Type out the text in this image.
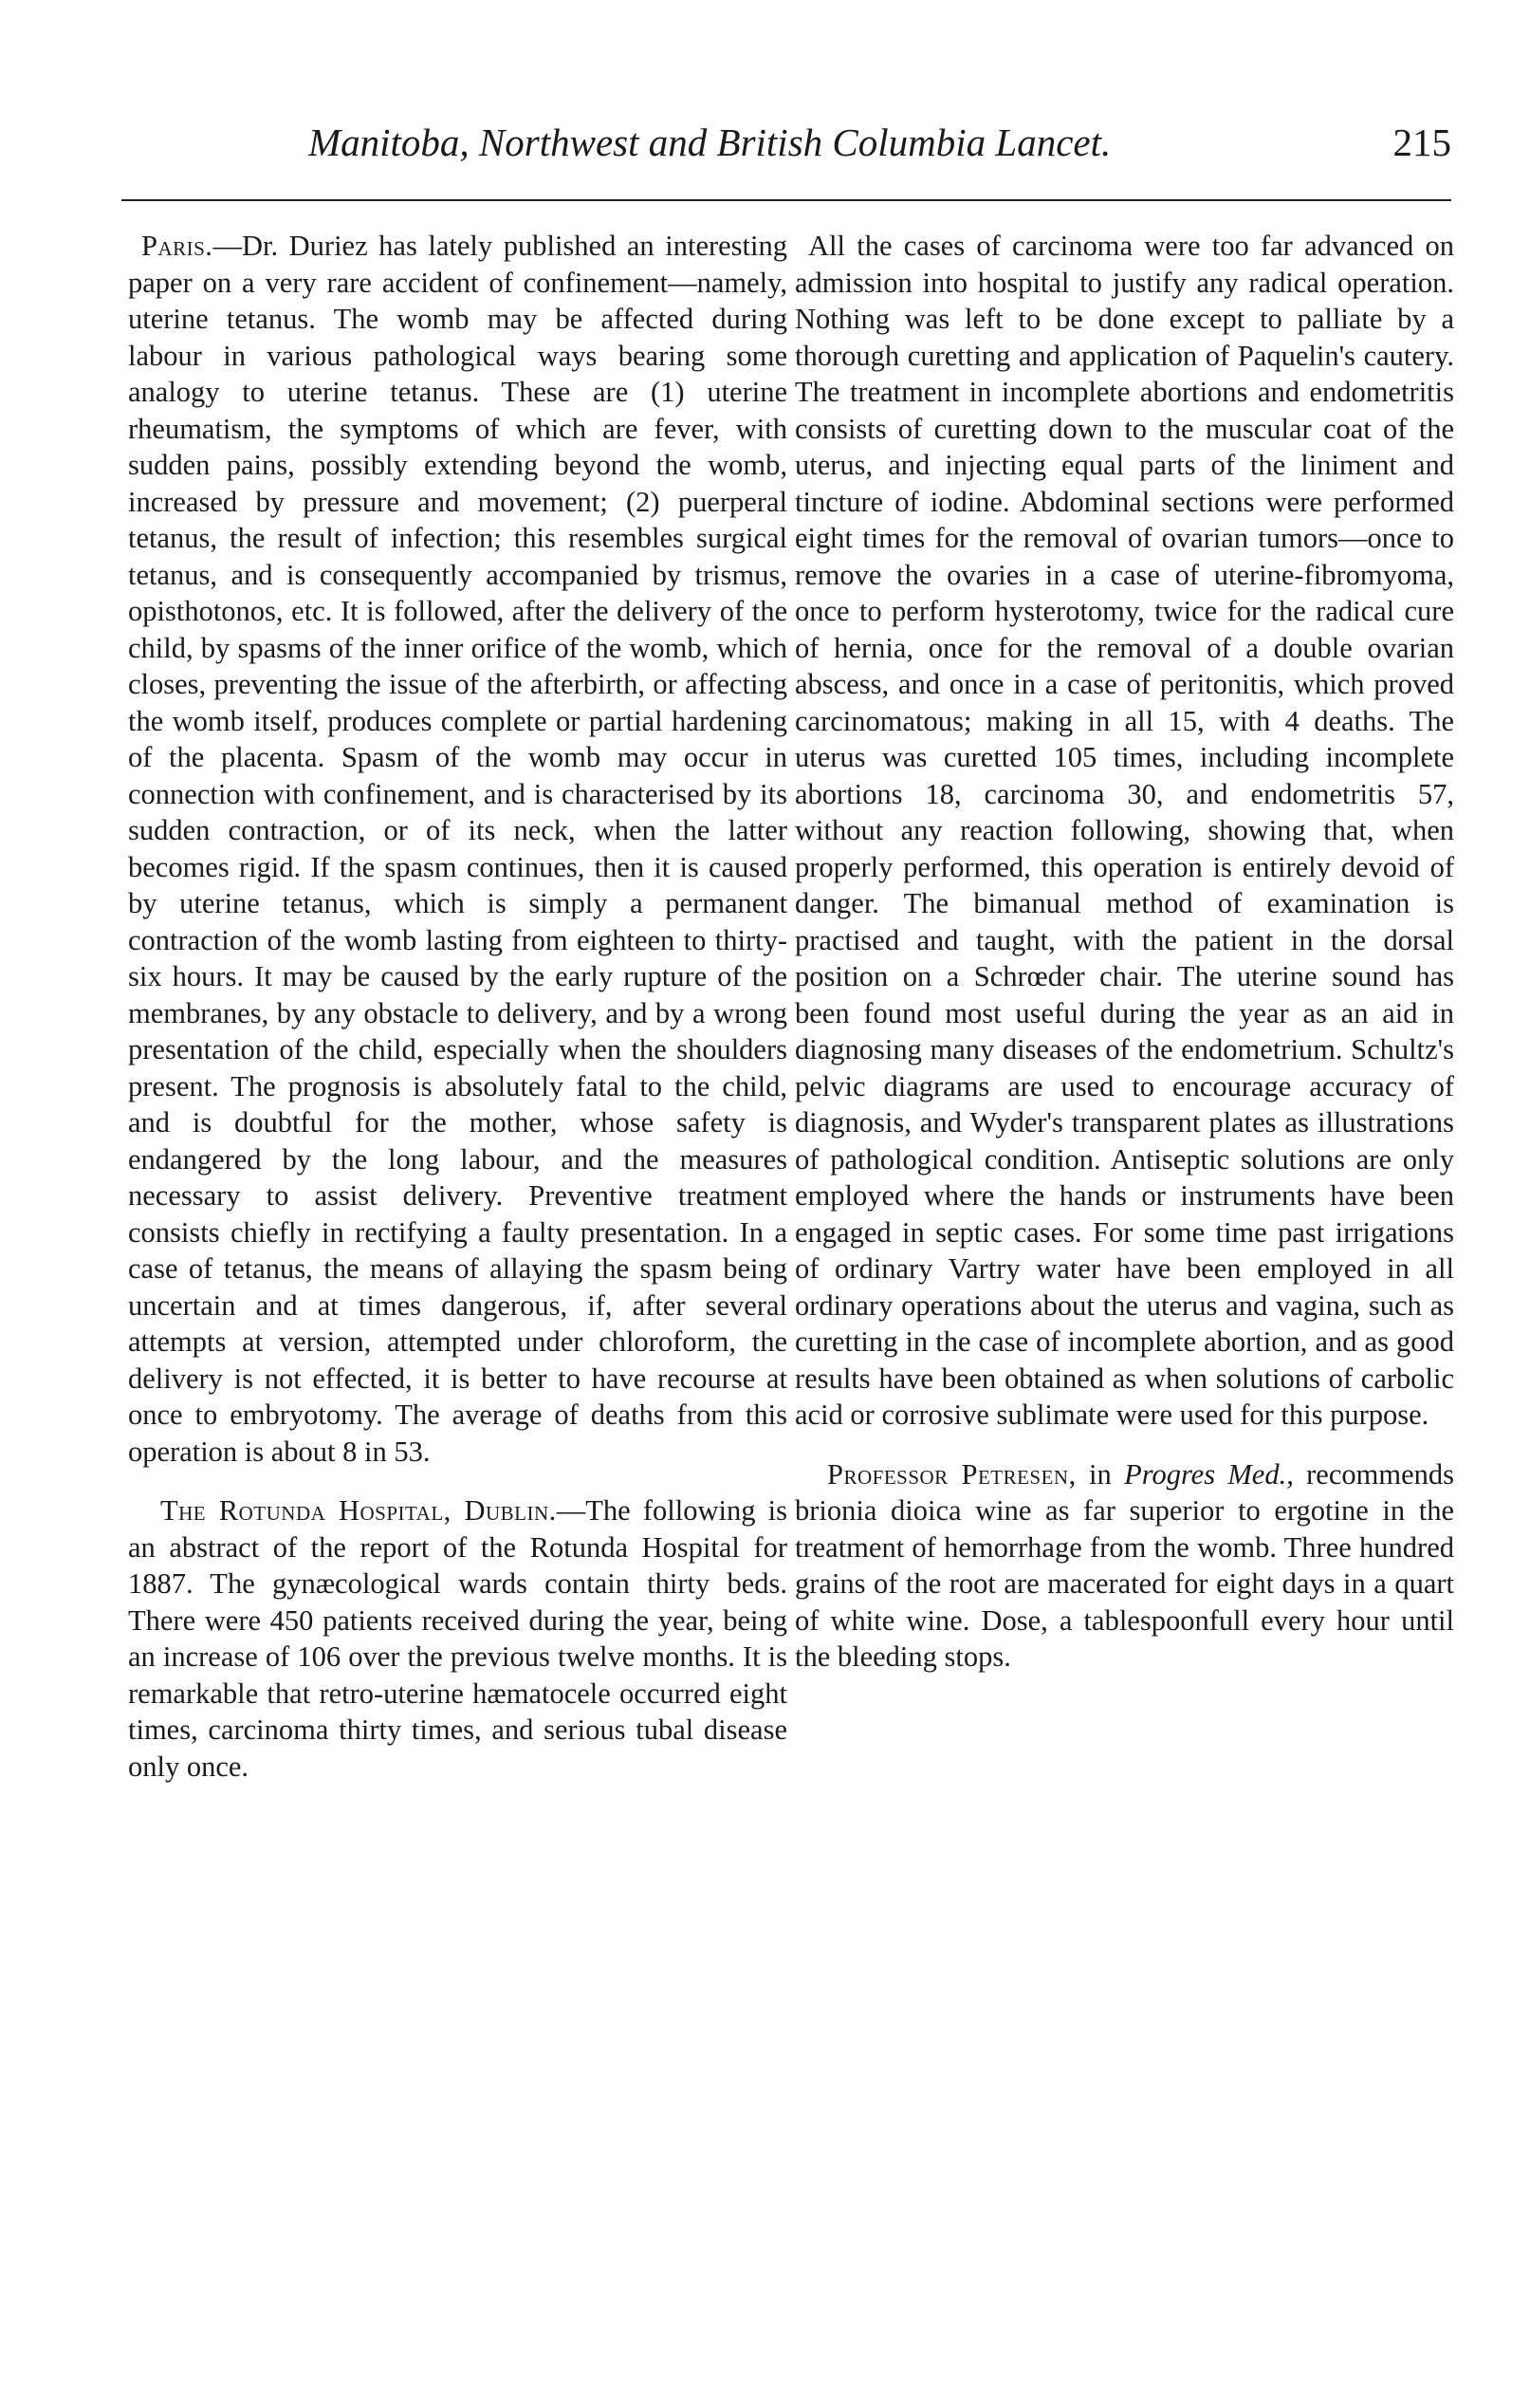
Manitoba, Northwest and British Columbia Lancet.	215

Paris.—Dr. Duriez has lately published an interesting paper on a very rare accident of confinement—namely, uterine tetanus. The womb may be affected during labour in various pathological ways bearing some analogy to uterine tetanus. These are (1) uterine rheumatism, the symptoms of which are fever, with sudden pains, possibly extending beyond the womb, increased by pressure and movement; (2) puerperal tetanus, the result of infection; this resembles surgical tetanus, and is consequently accompanied by trismus, opisthotonos, etc. It is followed, after the delivery of the child, by spasms of the inner orifice of the womb, which closes, preventing the issue of the afterbirth, or affecting the womb itself, produces complete or partial hardening of the placenta. Spasm of the womb may occur in connection with confinement, and is characterised by its sudden contraction, or of its neck, when the latter becomes rigid. If the spasm continues, then it is caused by uterine tetanus, which is simply a permanent contraction of the womb lasting from eighteen to thirty-six hours. It may be caused by the early rupture of the membranes, by any obstacle to delivery, and by a wrong presentation of the child, especially when the shoulders present. The prognosis is absolutely fatal to the child, and is doubtful for the mother, whose safety is endangered by the long labour, and the measures necessary to assist delivery. Preventive treatment consists chiefly in rectifying a faulty presentation. In a case of tetanus, the means of allaying the spasm being uncertain and at times dangerous, if, after several attempts at version, attempted under chloroform, the delivery is not effected, it is better to have recourse at once to embryotomy. The average of deaths from this operation is about 8 in 53.

The Rotunda Hospital, Dublin.—The following is an abstract of the report of the Rotunda Hospital for 1887. The gynæcological wards contain thirty beds. There were 450 patients received during the year, being an increase of 106 over the previous twelve months. It is remarkable that retro-uterine hæmatocele occurred eight times, carcinoma thirty times, and serious tubal disease only once.

All the cases of carcinoma were too far advanced on admission into hospital to justify any radical operation. Nothing was left to be done except to palliate by a thorough curetting and application of Paquelin's cautery. The treatment in incomplete abortions and endometritis consists of curetting down to the muscular coat of the uterus, and injecting equal parts of the liniment and tincture of iodine. Abdominal sections were performed eight times for the removal of ovarian tumors—once to remove the ovaries in a case of uterine-fibromyoma, once to perform hysterotomy, twice for the radical cure of hernia, once for the removal of a double ovarian abscess, and once in a case of peritonitis, which proved carcinomatous; making in all 15, with 4 deaths. The uterus was curetted 105 times, including incomplete abortions 18, carcinoma 30, and endometritis 57, without any reaction following, showing that, when properly performed, this operation is entirely devoid of danger. The bimanual method of examination is practised and taught, with the patient in the dorsal position on a Schrœder chair. The uterine sound has been found most useful during the year as an aid in diagnosing many diseases of the endometrium. Schultz's pelvic diagrams are used to encourage accuracy of diagnosis, and Wyder's transparent plates as illustrations of pathological condition. Antiseptic solutions are only employed where the hands or instruments have been engaged in septic cases. For some time past irrigations of ordinary Vartry water have been employed in all ordinary operations about the uterus and vagina, such as curetting in the case of incomplete abortion, and as good results have been obtained as when solutions of carbolic acid or corrosive sublimate were used for this purpose.

Professor Petresen, in Progres Med., recommends brionia dioica wine as far superior to ergotine in the treatment of hemorrhage from the womb. Three hundred grains of the root are macerated for eight days in a quart of white wine. Dose, a tablespoonfull every hour until the bleeding stops.
